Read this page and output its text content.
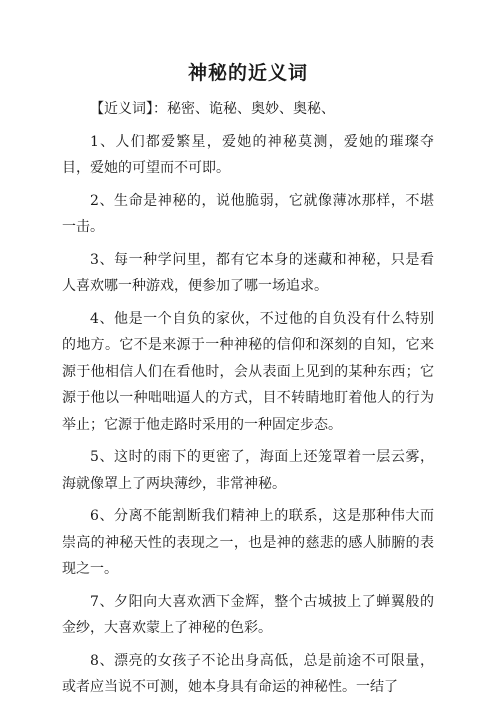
神秘的近义词

【近义词】：秘密、诡秘、奥妙、奥秘、

1、人们都爱繁星，爱她的神秘莫测，爱她的璀璨夺目，爱她的可望而不可即。

2、生命是神秘的，说他脆弱，它就像薄冰那样，不堪一击。

3、每一种学问里，都有它本身的迷藏和神秘，只是看人喜欢哪一种游戏，便参加了哪一场追求。

4、他是一个自负的家伙，不过他的自负没有什么特别的地方。它不是来源于一种神秘的信仰和深刻的自知，它来源于他相信人们在看他时，会从表面上见到的某种东西；它源于他以一种咄咄逼人的方式，目不转睛地盯着他人的行为举止；它源于他走路时采用的一种固定步态。

5、这时的雨下的更密了，海面上还笼罩着一层云雾，海就像罩上了两块薄纱，非常神秘。

6、分离不能割断我们精神上的联系，这是那种伟大而崇高的神秘天性的表现之一，也是神的慈悲的感人肺腑的表现之一。

7、夕阳向大喜欢洒下金辉，整个古城披上了蝉翼般的金纱，大喜欢蒙上了神秘的色彩。

8、漂亮的女孩子不论出身高低，总是前途不可限量，或者应当说不可测，她本身具有命运的神秘性。一结了
